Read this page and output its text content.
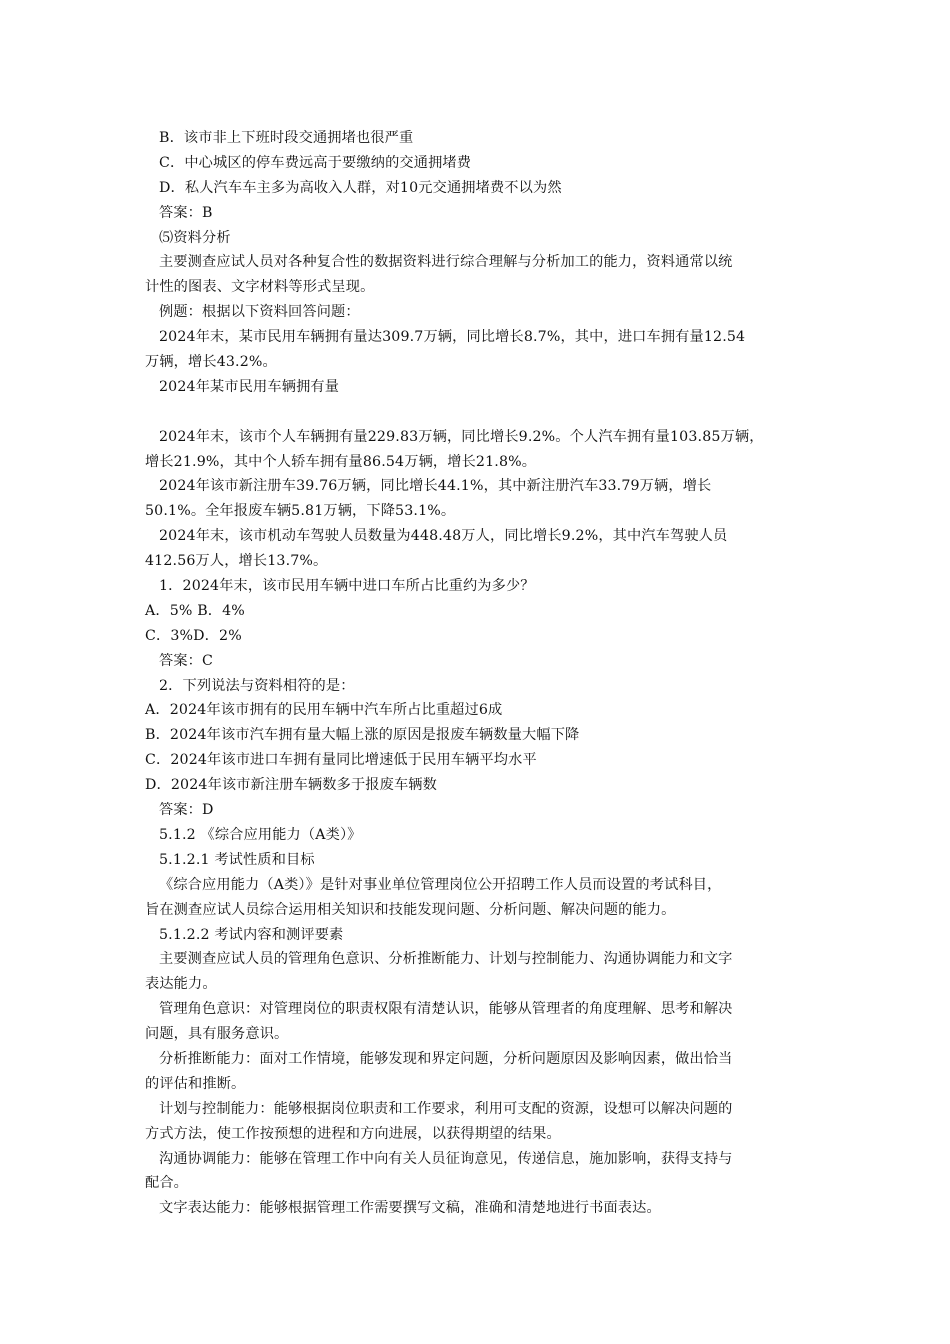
B．该市非上下班时段交通拥堵也很严重
C．中心城区的停车费远高于要缴纳的交通拥堵费
D．私人汽车车主多为高收入人群，对10元交通拥堵费不以为然
答案：B
⑸资料分析
主要测查应试人员对各种复合性的数据资料进行综合理解与分析加工的能力，资料通常以统
计性的图表、文字材料等形式呈现。
例题：根据以下资料回答问题：
2024年末，某市民用车辆拥有量达309.7万辆，同比增长8.7%，其中，进口车拥有量12.54
万辆，增长43.2%。
2024年某市民用车辆拥有量
2024年末，该市个人车辆拥有量229.83万辆，同比增长9.2%。个人汽车拥有量103.85万辆，
增长21.9%，其中个人轿车拥有量86.54万辆，增长21.8%。
2024年该市新注册车39.76万辆，同比增长44.1%，其中新注册汽车33.79万辆，增长
50.1%。全年报废车辆5.81万辆，下降53.1%。
2024年末，该市机动车驾驶人员数量为448.48万人，同比增长9.2%，其中汽车驾驶人员
412.56万人，增长13.7%。
1．2024年末，该市民用车辆中进口车所占比重约为多少？
A．5% B．4%
C．3%D．2%
答案：C
2．下列说法与资料相符的是：
A．2024年该市拥有的民用车辆中汽车所占比重超过6成
B．2024年该市汽车拥有量大幅上涨的原因是报废车辆数量大幅下降
C．2024年该市进口车拥有量同比增速低于民用车辆平均水平
D．2024年该市新注册车辆数多于报废车辆数
答案：D
5.1.2 《综合应用能力（A类）》
5.1.2.1 考试性质和目标
《综合应用能力（A类）》是针对事业单位管理岗位公开招聘工作人员而设置的考试科目，
旨在测查应试人员综合运用相关知识和技能发现问题、分析问题、解决问题的能力。
5.1.2.2 考试内容和测评要素
主要测查应试人员的管理角色意识、分析推断能力、计划与控制能力、沟通协调能力和文字
表达能力。
管理角色意识：对管理岗位的职责权限有清楚认识，能够从管理者的角度理解、思考和解决
问题，具有服务意识。
分析推断能力：面对工作情境，能够发现和界定问题，分析问题原因及影响因素，做出恰当
的评估和推断。
计划与控制能力：能够根据岗位职责和工作要求，利用可支配的资源，设想可以解决问题的
方式方法，使工作按预想的进程和方向进展，以获得期望的结果。
沟通协调能力：能够在管理工作中向有关人员征询意见，传递信息，施加影响，获得支持与
配合。
文字表达能力：能够根据管理工作需要撰写文稿，准确和清楚地进行书面表达。
